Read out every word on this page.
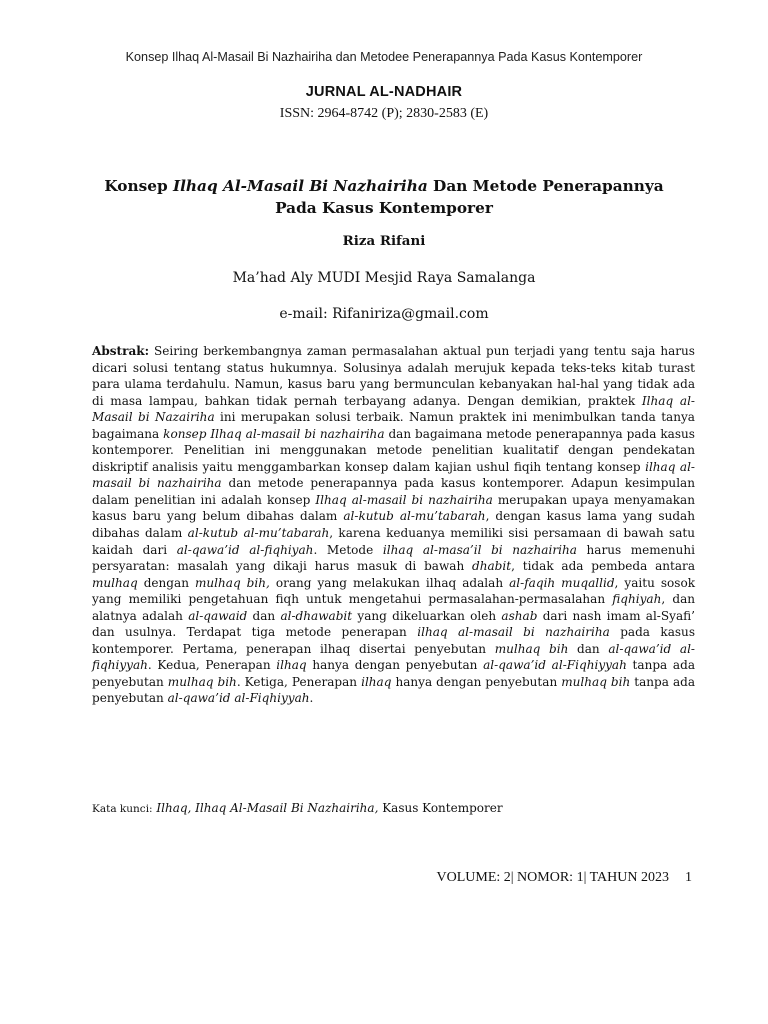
Konsep Ilhaq Al-Masail Bi Nazhairiha dan Metodee Penerapannya Pada Kasus Kontemporer
JURNAL AL-NADHAIR
ISSN: 2964-8742 (P); 2830-2583 (E)
Konsep Ilhaq Al-Masail Bi Nazhairiha Dan Metode Penerapannya Pada Kasus Kontemporer
Riza Rifani
Ma’had Aly MUDI Mesjid Raya Samalanga
e-mail: Rifaniriza@gmail.com

Abstrak: Seiring berkembangnya zaman permasalahan aktual pun terjadi yang tentu saja harus dicari solusi tentang status hukumnya. Solusinya adalah merujuk kepada teks-teks kitab turast para ulama terdahulu. Namun, kasus baru yang bermunculan kebanyakan hal-hal yang tidak ada di masa lampau, bahkan tidak pernah terbayang adanya. Dengan demikian, praktek Ilhaq al-Masail bi Nazairiha ini merupakan solusi terbaik. Namun praktek ini menimbulkan tanda tanya bagaimana konsep Ilhaq al-masail bi nazhairiha dan bagaimana metode penerapannya pada kasus kontemporer. Penelitian ini menggunakan metode penelitian kualitatif dengan pendekatan diskriptif analisis yaitu menggambarkan konsep dalam kajian ushul fiqih tentang konsep ilhaq al-masail bi nazhairiha dan metode penerapannya pada kasus kontemporer. Adapun kesimpulan dalam penelitian ini adalah konsep Ilhaq al-masail bi nazhairiha merupakan upaya menyamakan kasus baru yang belum dibahas dalam al-kutub al-mu’tabarah, dengan kasus lama yang sudah dibahas dalam al-kutub al-mu’tabarah, karena keduanya memiliki sisi persamaan di bawah satu kaidah dari al-qawa’id al-fiqhiyah. Metode ilhaq al-masa’il bi nazhairiha harus memenuhi persyaratan: masalah yang dikaji harus masuk di bawah dhabit, tidak ada pembeda antara mulhaq dengan mulhaq bih, orang yang melakukan ilhaq adalah al-faqih muqallid, yaitu sosok yang memiliki pengetahuan fiqh untuk mengetahui permasalahan-permasalahan fiqhiyah, dan alatnya adalah al-qawaid dan al-dhawabit yang dikeluarkan oleh ashab dari nash imam al-Syafi’ dan usulnya. Terdapat tiga metode penerapan ilhaq al-masail bi nazhairiha pada kasus kontemporer. Pertama, penerapan ilhaq disertai penyebutan mulhaq bih dan al-qawa’id al-fiqhiyyah. Kedua, Penerapan ilhaq hanya dengan penyebutan al-qawa’id al-Fiqhiyyah tanpa ada penyebutan mulhaq bih. Ketiga, Penerapan ilhaq hanya dengan penyebutan mulhaq bih tanpa ada penyebutan al-qawa’id al-Fiqhiyyah.

Kata kunci: Ilhaq, Ilhaq Al-Masail Bi Nazhairiha, Kasus Kontemporer
VOLUME: 2| NOMOR: 1| TAHUN 2023 1
